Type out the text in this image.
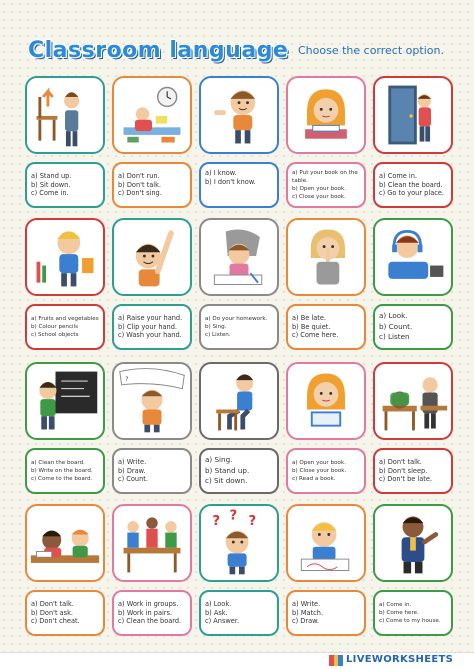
Classroom language Choose the correct option.
a) Stand up.
b) Sit down.
c) Come in.
a) Don't run.
b) Don't talk.
c) Don't sing.
a) I know.
b) I don't know.
a) Put your book on the table.
b) Open your book.
c) Close your book.
a) Come in.
b) Clean the board.
c) Go to your place.
a) Fruits and vegetables
b) Colour pencils
c) School objects
a) Raise your hand.
b) Clip your hand.
c) Wash your hand.
a) Do your homework.
b) Sing.
c) Listen.
a) Be late.
b) Be quiet.
c) Come here.
a) Look.
b) Count.
c) Listen
a) Clean the board.
b) Write on the board.
c) Come to the board.
?
a) Write.
b) Draw.
c) Count.
a) Sing.
b) Stand up.
c) Sit down.
a) Open your book.
b) Close your book.
c) Read a book.
a) Don't talk.
b) Don't sleep.
c) Don't be late.
a) Don't talk.
b) Don't ask.
c) Don't cheat.
a) Work in groups.
b) Work in pairs.
c) Clean the board.
? ? ?
a) Look.
b) Ask.
c) Answer.
a) Write.
b) Match.
c) Draw.
a) Come in.
b) Come here.
c) Come to my house.
LIVEWORKSHEETS
